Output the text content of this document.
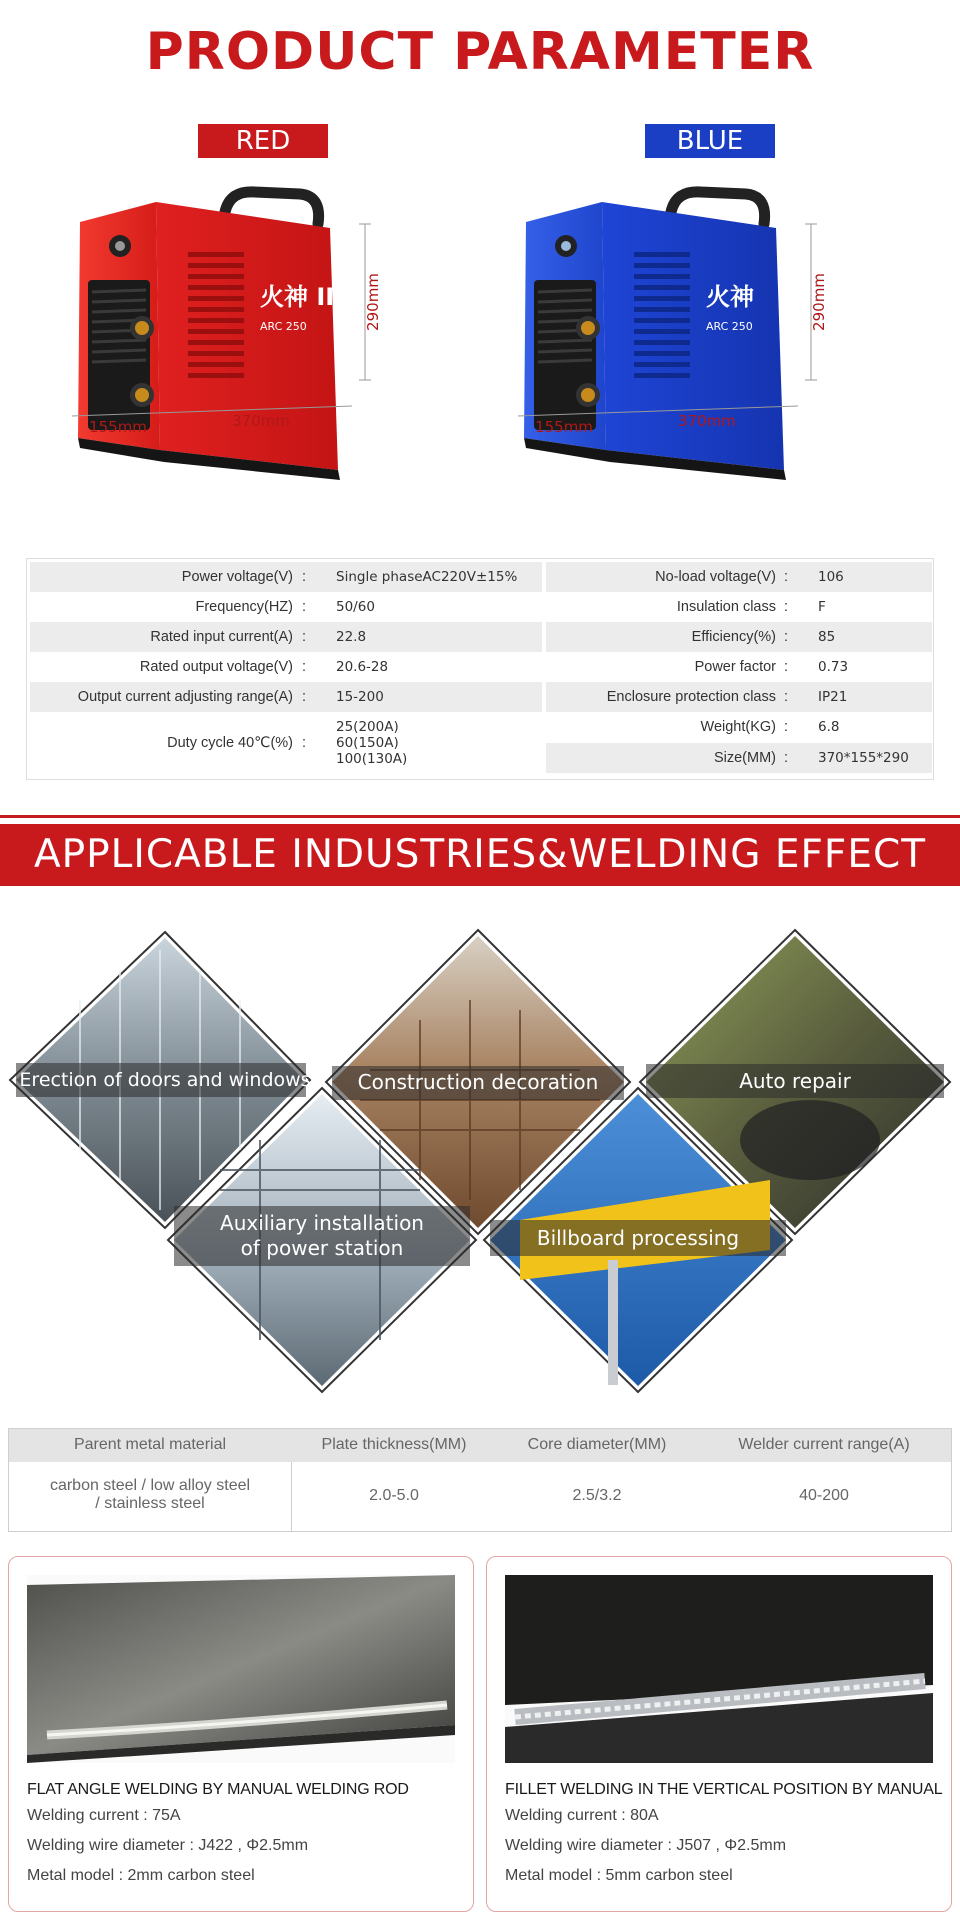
PRODUCT PARAMETER
RED	BLUE
火神 II
ARC 250	290mm
155mm	370mm
火神
ARC 250	290mm
155mm	370mm
Power voltage(V) : Single phaseAC220V±15%
Frequency(HZ) : 50/60
Rated input current(A) : 22.8
Rated output voltage(V) : 20.6-28
Output current adjusting range(A) : 15-200
Duty cycle 40℃(%) :
25(200A)
60(150A)
100(130A)
No-load voltage(V) : 106
Insulation class : F
Efficiency(%) : 85
Power factor : 0.73
Enclosure protection class : IP21
Weight(KG) : 6.8
Size(MM) : 370*155*290
APPLICABLE INDUSTRIES&WELDING EFFECT
Erection of doors and windows Construction decoration	Auto repair
Auxiliary installation
of power station	Billboard processing
Parent metal material	Plate thickness(MM)	Core diameter(MM)	Welder current range(A)
carbon steel / low alloy steel
/ stainless steel	2.0-5.0	2.5/3.2	40-200
FLAT ANGLE WELDING BY MANUAL WELDING ROD
Welding current : 75A
Welding wire diameter : J422 , Φ2.5mm
Metal model : 2mm carbon steel
FILLET WELDING IN THE VERTICAL POSITION BY MANUAL
Welding current : 80A
Welding wire diameter : J507 , Φ2.5mm
Metal model : 5mm carbon steel
